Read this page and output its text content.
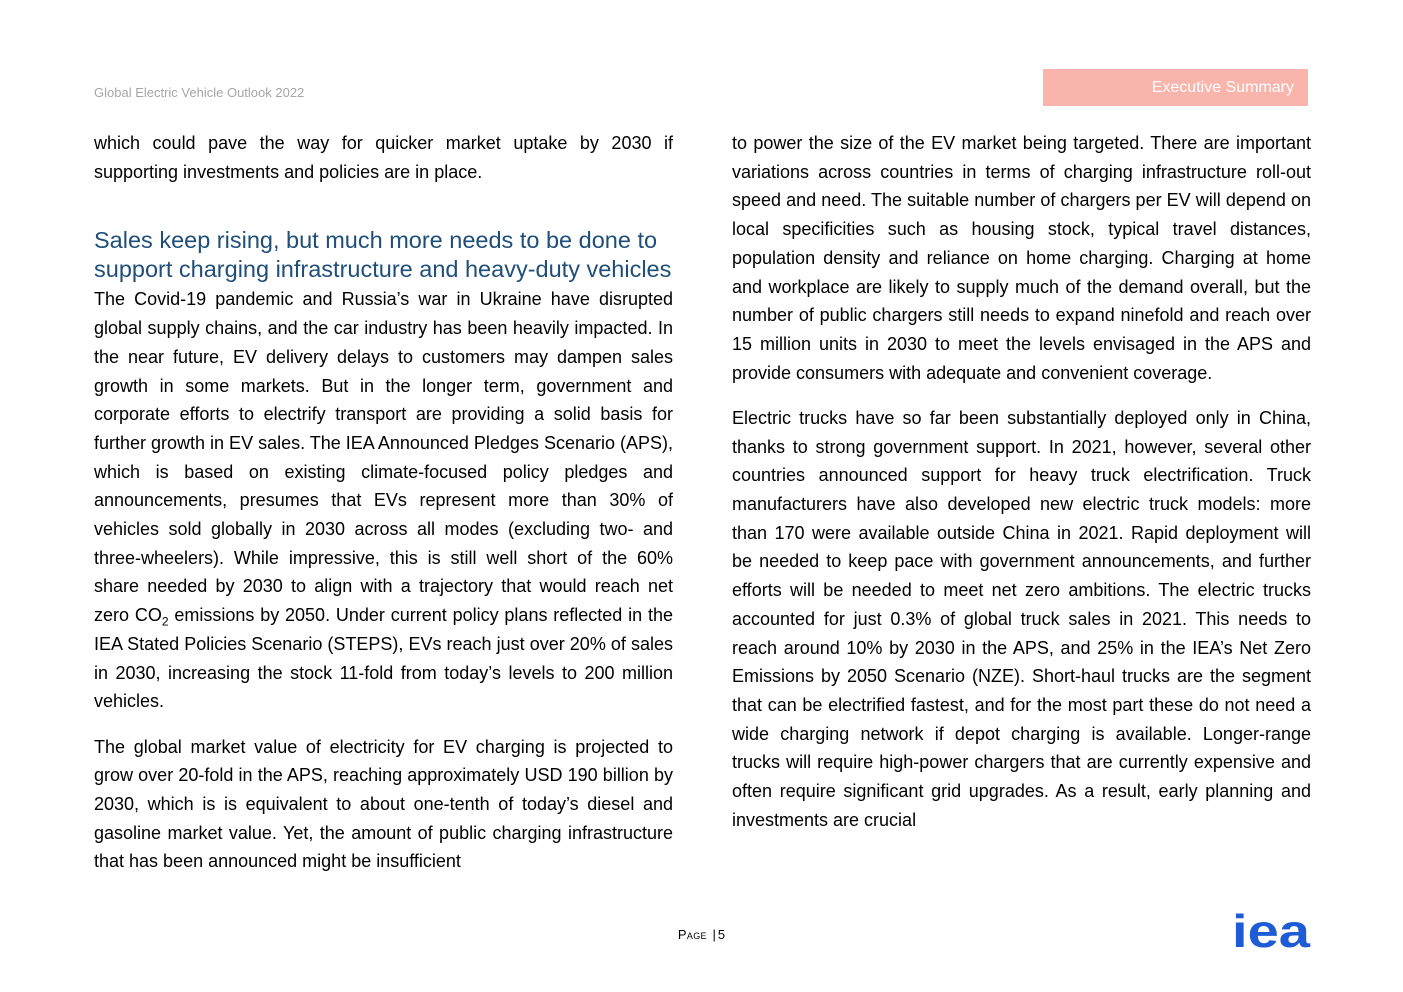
Global Electric Vehicle Outlook 2022	Executive Summary

which could pave the way for quicker market uptake by 2030 if supporting investments and policies are in place.

Sales keep rising, but much more needs to be done to support charging infrastructure and heavy-duty vehicles

The Covid-19 pandemic and Russia’s war in Ukraine have disrupted global supply chains, and the car industry has been heavily impacted. In the near future, EV delivery delays to customers may dampen sales growth in some markets. But in the longer term, government and corporate efforts to electrify transport are providing a solid basis for further growth in EV sales. The IEA Announced Pledges Scenario (APS), which is based on existing climate-focused policy pledges and announcements, presumes that EVs represent more than 30% of vehicles sold globally in 2030 across all modes (excluding two- and three-wheelers). While impressive, this is still well short of the 60% share needed by 2030 to align with a trajectory that would reach net zero $CO_2$ emissions by 2050. Under current policy plans reflected in the IEA Stated Policies Scenario (STEPS), EVs reach just over 20% of sales in 2030, increasing the stock 11-fold from today’s levels to 200 million vehicles.

The global market value of electricity for EV charging is projected to grow over 20-fold in the APS, reaching approximately USD 190 billion by 2030, which is is equivalent to about one-tenth of today’s diesel and gasoline market value. Yet, the amount of public charging infrastructure that has been announced might be insufficient

to power the size of the EV market being targeted. There are important variations across countries in terms of charging infrastructure roll-out speed and need. The suitable number of chargers per EV will depend on local specificities such as housing stock, typical travel distances, population density and reliance on home charging. Charging at home and workplace are likely to supply much of the demand overall, but the number of public chargers still needs to expand ninefold and reach over 15 million units in 2030 to meet the levels envisaged in the APS and provide consumers with adequate and convenient coverage.

Electric trucks have so far been substantially deployed only in China, thanks to strong government support. In 2021, however, several other countries announced support for heavy truck electrification. Truck manufacturers have also developed new electric truck models: more than 170 were available outside China in 2021. Rapid deployment will be needed to keep pace with government announcements, and further efforts will be needed to meet net zero ambitions. The electric trucks accounted for just 0.3% of global truck sales in 2021. This needs to reach around 10% by 2030 in the APS, and 25% in the IEA’s Net Zero Emissions by 2050 Scenario (NZE). Short-haul trucks are the segment that can be electrified fastest, and for the most part these do not need a wide charging network if depot charging is available. Longer-range trucks will require high-power chargers that are currently expensive and often require significant grid upgrades. As a result, early planning and investments are crucial

Page | 5	iea
